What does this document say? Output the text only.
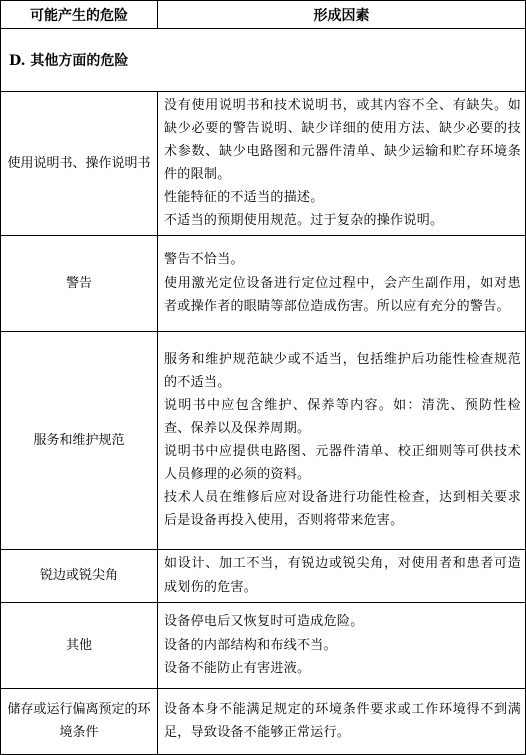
可能产生的危险	形成因素
D. 其他方面的危险	
使用说明书、操作说明书	没有使用说明书和技术说明书，或其内容不全、有缺失。如缺少必要的警告说明、缺少详细的使用方法、缺少必要的技术参数、缺少电路图和元器件清单、缺少运输和贮存环境条件的限制。

性能特征的不适当的描述。

不适当的预期使用规范。过于复杂的操作说明。

警告	警告不恰当。

使用激光定位设备进行定位过程中，会产生副作用，如对患者或操作者的眼睛等部位造成伤害。所以应有充分的警告。

服务和维护规范	服务和维护规范缺少或不适当，包括维护后功能性检查规范的不适当。

说明书中应包含维护、保养等内容。如：清洗、预防性检查、保养以及保养周期。

说明书中应提供电路图、元器件清单、校正细则等可供技术人员修理的必须的资料。

技术人员在维修后应对设备进行功能性检查，达到相关要求后是设备再投入使用，否则将带来危害。

锐边或锐尖角	如设计、加工不当，有锐边或锐尖角，对使用者和患者可造成划伤的危害。

其他	设备停电后又恢复时可造成危险。

设备的内部结构和布线不当。

设备不能防止有害进液。

储存或运行偏离预定的环境条件	设备本身不能满足规定的环境条件要求或工作环境得不到满足，导致设备不能够正常运行。
